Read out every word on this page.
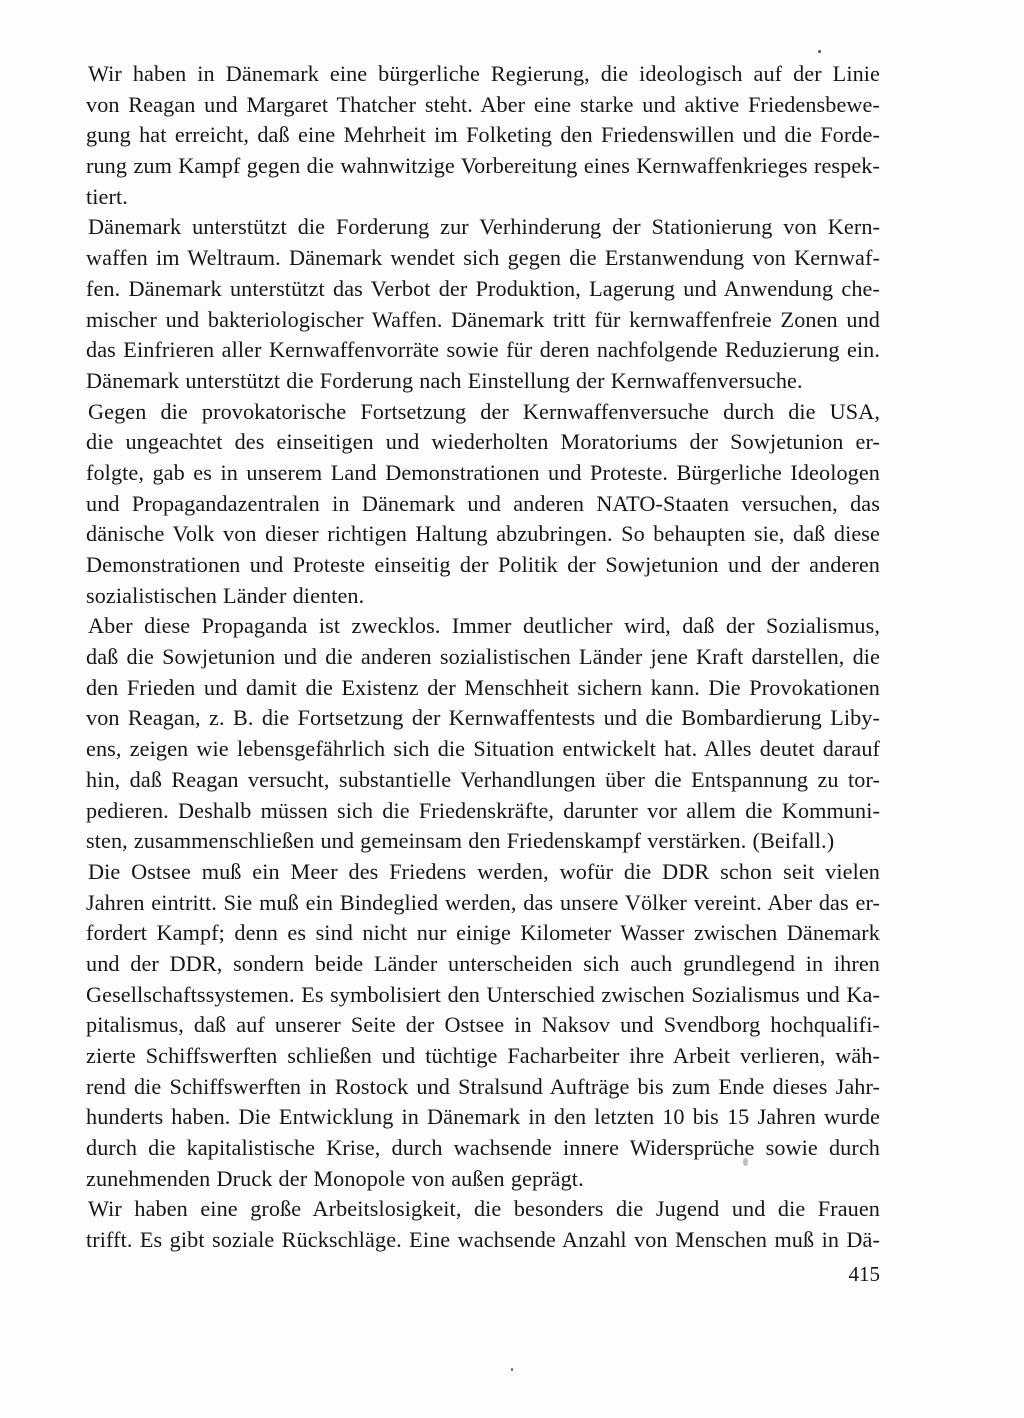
Wir haben in Dänemark eine bürgerliche Regierung, die ideologisch auf der Linie
von Reagan und Margaret Thatcher steht. Aber eine starke und aktive Friedensbewe-
gung hat erreicht, daß eine Mehrheit im Folketing den Friedenswillen und die Forde-
rung zum Kampf gegen die wahnwitzige Vorbereitung eines Kernwaffenkrieges respek-
tiert.
Dänemark unterstützt die Forderung zur Verhinderung der Stationierung von Kern-
waffen im Weltraum. Dänemark wendet sich gegen die Erstanwendung von Kernwaf-
fen. Dänemark unterstützt das Verbot der Produktion, Lagerung und Anwendung che-
mischer und bakteriologischer Waffen. Dänemark tritt für kernwaffenfreie Zonen und
das Einfrieren aller Kernwaffenvorräte sowie für deren nachfolgende Reduzierung ein.
Dänemark unterstützt die Forderung nach Einstellung der Kernwaffenversuche.
Gegen die provokatorische Fortsetzung der Kernwaffenversuche durch die USA,
die ungeachtet des einseitigen und wiederholten Moratoriums der Sowjetunion er-
folgte, gab es in unserem Land Demonstrationen und Proteste. Bürgerliche Ideologen
und Propagandazentralen in Dänemark und anderen NATO-Staaten versuchen, das
dänische Volk von dieser richtigen Haltung abzubringen. So behaupten sie, daß diese
Demonstrationen und Proteste einseitig der Politik der Sowjetunion und der anderen
sozialistischen Länder dienten.
Aber diese Propaganda ist zwecklos. Immer deutlicher wird, daß der Sozialismus,
daß die Sowjetunion und die anderen sozialistischen Länder jene Kraft darstellen, die
den Frieden und damit die Existenz der Menschheit sichern kann. Die Provokationen
von Reagan, z. B. die Fortsetzung der Kernwaffentests und die Bombardierung Liby-
ens, zeigen wie lebensgefährlich sich die Situation entwickelt hat. Alles deutet darauf
hin, daß Reagan versucht, substantielle Verhandlungen über die Entspannung zu tor-
pedieren. Deshalb müssen sich die Friedenskräfte, darunter vor allem die Kommuni-
sten, zusammenschließen und gemeinsam den Friedenskampf verstärken. (Beifall.)
Die Ostsee muß ein Meer des Friedens werden, wofür die DDR schon seit vielen
Jahren eintritt. Sie muß ein Bindeglied werden, das unsere Völker vereint. Aber das er-
fordert Kampf; denn es sind nicht nur einige Kilometer Wasser zwischen Dänemark
und der DDR, sondern beide Länder unterscheiden sich auch grundlegend in ihren
Gesellschaftssystemen. Es symbolisiert den Unterschied zwischen Sozialismus und Ka-
pitalismus, daß auf unserer Seite der Ostsee in Naksov und Svendborg hochqualifi-
zierte Schiffswerften schließen und tüchtige Facharbeiter ihre Arbeit verlieren, wäh-
rend die Schiffswerften in Rostock und Stralsund Aufträge bis zum Ende dieses Jahr-
hunderts haben. Die Entwicklung in Dänemark in den letzten 10 bis 15 Jahren wurde
durch die kapitalistische Krise, durch wachsende innere Widersprüche sowie durch
zunehmenden Druck der Monopole von außen geprägt.
Wir haben eine große Arbeitslosigkeit, die besonders die Jugend und die Frauen
trifft. Es gibt soziale Rückschläge. Eine wachsende Anzahl von Menschen muß in Dä-
415
